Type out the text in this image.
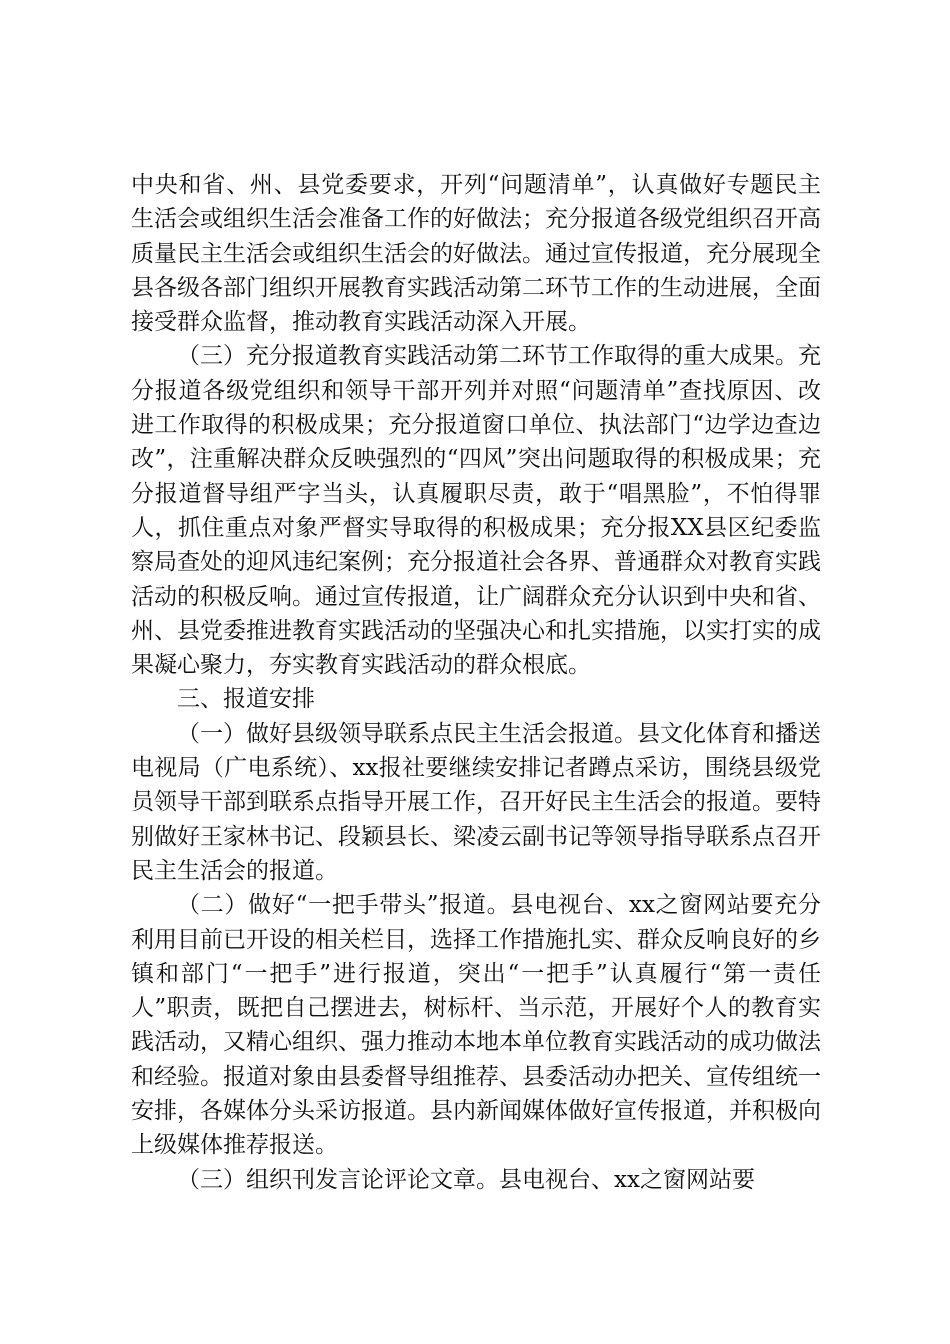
中央和省、州、县党委要求，开列“问题清单”，认真做好专题民主生活会或组织生活会准备工作的好做法；充分报道各级党组织召开高质量民主生活会或组织生活会的好做法。通过宣传报道，充分展现全县各级各部门组织开展教育实践活动第二环节工作的生动进展，全面接受群众监督，推动教育实践活动深入开展。

（三）充分报道教育实践活动第二环节工作取得的重大成果。充分报道各级党组织和领导干部开列并对照“问题清单”查找原因、改进工作取得的积极成果；充分报道窗口单位、执法部门“边学边查边改”，注重解决群众反映强烈的“四风”突出问题取得的积极成果；充分报道督导组严字当头，认真履职尽责，敢于“唱黑脸”，不怕得罪人，抓住重点对象严督实导取得的积极成果；充分报XX县区纪委监察局查处的迎风违纪案例；充分报道社会各界、普通群众对教育实践活动的积极反响。通过宣传报道，让广阔群众充分认识到中央和省、州、县党委推进教育实践活动的坚强决心和扎实措施，以实打实的成果凝心聚力，夯实教育实践活动的群众根底。

三、报道安排

（一）做好县级领导联系点民主生活会报道。县文化体育和播送电视局（广电系统）、xx报社要继续安排记者蹲点采访，围绕县级党员领导干部到联系点指导开展工作，召开好民主生活会的报道。要特别做好王家林书记、段颖县长、梁凌云副书记等领导指导联系点召开民主生活会的报道。

（二）做好“一把手带头”报道。县电视台、xx之窗网站要充分利用目前已开设的相关栏目，选择工作措施扎实、群众反响良好的乡镇和部门“一把手”进行报道，突出“一把手”认真履行“第一责任人”职责，既把自己摆进去，树标杆、当示范，开展好个人的教育实践活动，又精心组织、强力推动本地本单位教育实践活动的成功做法和经验。报道对象由县委督导组推荐、县委活动办把关、宣传组统一安排，各媒体分头采访报道。县内新闻媒体做好宣传报道，并积极向上级媒体推荐报送。

（三）组织刊发言论评论文章。县电视台、xx之窗网站要
